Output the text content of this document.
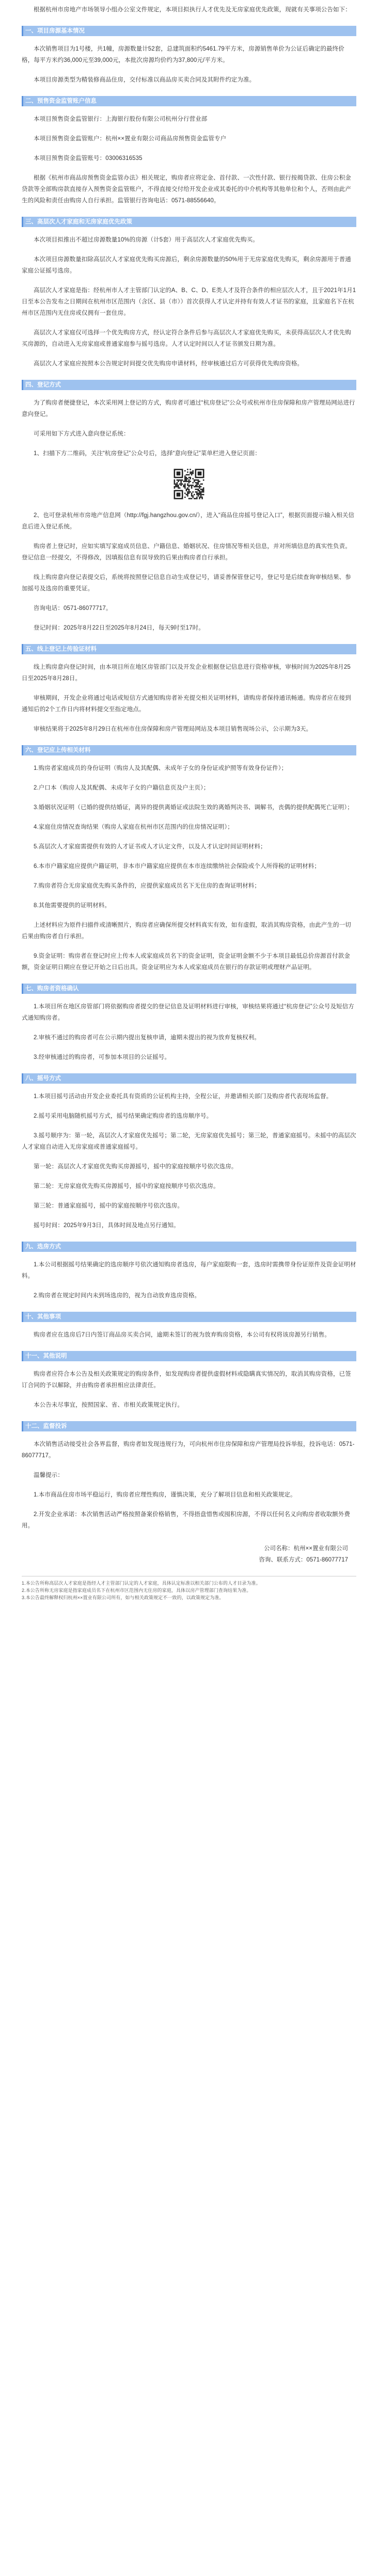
根据杭州市房地产市场领导小组办公室文件规定，本项目拟执行人才优先及无房家庭优先政策，现就有关事项公告如下：

一、项目房源基本情况

本次销售项目为1号楼，共1幢，房源数量计52套，总建筑面积约5461.79平方米，房源销售单价为公证后确定的最终价格，每平方米约36,000元至39,000元，本批次房源均价约为37,800元/平方米。

本项目房源类型为精装修商品住房，交付标准以商品房买卖合同及其附件约定为准。

二、预售资金监管账户信息

本项目预售资金监管银行：上海银行股份有限公司杭州分行营业部

本项目预售资金监管账户：杭州××置业有限公司商品房预售资金监管专户

本项目预售资金监管账号：03006316535

根据《杭州市商品房预售资金监管办法》相关规定，购房者应将定金、首付款、一次性付款、银行按揭贷款、住房公积金贷款等全部购房款直接存入预售资金监管账户，不得直接交付给开发企业或其委托的中介机构等其他单位和个人，否则由此产生的风险和责任由购房人自行承担。监管银行咨询电话：0571-88556640。

三、高层次人才家庭和无房家庭优先政策

本次项目拟推出不超过房源数量10%的房源（计5套）用于高层次人才家庭优先购买。

本次项目房源数量扣除高层次人才家庭优先购买房源后，剩余房源数量的50%用于无房家庭优先购买，剩余房源用于普通家庭公证摇号选房。

高层次人才家庭是指：经杭州市人才主管部门认定的A、B、C、D、E类人才及符合条件的相应层次人才，且于2021年1月1日至本公告发布之日期间在杭州市区范围内（含区、县（市））首次获得人才认定并持有有效人才证书的家庭，且家庭名下在杭州市区范围内无住房或仅拥有一套住房。

高层次人才家庭仅可选择一个优先购房方式，经认定符合条件后参与高层次人才家庭优先购买，未获得高层次人才优先购买房源的，自动进入无房家庭或普通家庭参与摇号选房。人才认定时间以人才证书颁发日期为准。

高层次人才家庭应按照本公告规定时间提交优先购房申请材料，经审核通过后方可获得优先购房资格。

四、登记方式

为了购房者便捷登记，本次采用网上登记的方式，购房者可通过“杭房登记”公众号或杭州市住房保障和房产管理局网站进行意向登记。

可采用如下方式进入意向登记系统：

1、扫描下方二维码，关注“杭房登记”公众号后，选择“意向登记”菜单栏进入登记页面：

2、也可登录杭州市房地产信息网（http://fgj.hangzhou.gov.cn/），进入“商品住房摇号登记入口”，根据页面提示输入相关信息后进入登记系统。

购房者上登记时，应如实填写家庭成员信息、户籍信息、婚姻状况、住房情况等相关信息，并对所填信息的真实性负责。登记信息一经提交，不得修改，因填报信息有误导致的后果由购房者自行承担。

线上购房意向登记表提交后，系统将按照登记信息自动生成登记号，请妥善保管登记号，登记号是后续查询审核结果、参加摇号及选房的重要凭证。

咨询电话：0571-86077717。

登记时间：2025年8月22日至2025年8月24日，每天9时至17时。

五、线上登记上传验证材料

线上购房意向登记时间，由本项目所在地区房管部门以及开发企业根据登记信息进行资格审核，审核时间为2025年8月25日至2025年8月28日。

审核期间，开发企业将通过电话或短信方式通知购房者补充提交相关证明材料，请购房者保持通讯畅通。购房者应在接到通知后的2个工作日内将材料提交至指定地点。

审核结果将于2025年8月29日在杭州市住房保障和房产管理局网站及本项目销售现场公示，公示期为3天。

六、登记应上传相关材料

1.购房者家庭成员的身份证明（购房人及其配偶、未成年子女的身份证或护照等有效身份证件）；

2.户口本（购房人及其配偶、未成年子女的户籍信息页及户主页）；

3.婚姻状况证明（已婚的提供结婚证，离异的提供离婚证或法院生效的离婚判决书、调解书，丧偶的提供配偶死亡证明）；

4.家庭住房情况查询结果（购房人家庭在杭州市区范围内的住房情况证明）；

5.高层次人才家庭需提供有效的人才证书或人才认定文件，以及人才认定时间证明材料；

6.本市户籍家庭应提供户籍证明，非本市户籍家庭应提供在本市连续缴纳社会保险或个人所得税的证明材料；

7.购房者符合无房家庭优先购买条件的，应提供家庭成员名下无住房的查询证明材料；

8.其他需要提供的证明材料。

上述材料应为原件扫描件或清晰照片，购房者应确保所提交材料真实有效，如有虚假，取消其购房资格，由此产生的一切后果由购房者自行承担。

9.资金证明：购房者在登记时应上传本人或家庭成员名下的资金证明，资金证明金额不少于本项目最低总价房源首付款金额，资金证明日期应在登记开始之日后出具。资金证明应为本人或家庭成员在银行的存款证明或理财产品证明。

七、购房者资格确认

1.本项目所在地区房管部门将依据购房者提交的登记信息及证明材料进行审核，审核结果将通过“杭房登记”公众号及短信方式通知购房者。

2.审核不通过的购房者可在公示期内提出复核申请，逾期未提出的视为放弃复核权利。

3.经审核通过的购房者，可参加本项目的公证摇号。

八、摇号方式

1.本项目摇号活动由开发企业委托具有资质的公证机构主持，全程公证，并邀请相关部门及购房者代表现场监督。

2.摇号采用电脑随机摇号方式，摇号结果确定购房者的选房顺序号。

3.摇号顺序为：第一轮，高层次人才家庭优先摇号；第二轮，无房家庭优先摇号；第三轮，普通家庭摇号。未摇中的高层次人才家庭自动进入无房家庭或普通家庭摇号。

第一轮：高层次人才家庭优先购买房源摇号，摇中的家庭按顺序号依次选房。

第二轮：无房家庭优先购买房源摇号，摇中的家庭按顺序号依次选房。

第三轮：普通家庭摇号，摇中的家庭按顺序号依次选房。

摇号时间：2025年9月3日，具体时间及地点另行通知。

九、选房方式

1.本公司根据摇号结果确定的选房顺序号依次通知购房者选房，每户家庭限购一套，选房时需携带身份证原件及资金证明材料。

2.购房者在规定时间内未到场选房的，视为自动放弃选房资格。

十、其他事项

购房者应在选房后7日内签订商品房买卖合同，逾期未签订的视为放弃购房资格，本公司有权将该房源另行销售。

十一、其他说明

购房者应符合本公告及相关政策规定的购房条件，如发现购房者提供虚假材料或隐瞒真实情况的，取消其购房资格，已签订合同的予以解除，并由购房者承担相应法律责任。

本公告未尽事宜，按照国家、省、市相关政策规定执行。

十二、监督投诉

本次销售活动接受社会各界监督，购房者如发现违规行为，可向杭州市住房保障和房产管理局投诉举报，投诉电话：0571-86077717。

温馨提示：

1.本市商品住房市场平稳运行，购房者应理性购房，谨慎决策，充分了解项目信息和相关政策规定。

2.开发企业承诺：本次销售活动严格按照备案价格销售，不得捂盘惜售或囤积房源，不得以任何名义向购房者收取额外费用。

公司名称：杭州××置业有限公司
咨询、联系方式：0571-86077717

1.本公告所称高层次人才家庭是指经人才主管部门认定的人才家庭，具体认定标准以相关部门公布的人才目录为准。

2.本公告所称无房家庭是指家庭成员名下在杭州市区范围内无住房的家庭，具体以房产管理部门查询结果为准。

3.本公告最终解释权归杭州××置业有限公司所有，如与相关政策规定不一致的，以政策规定为准。
